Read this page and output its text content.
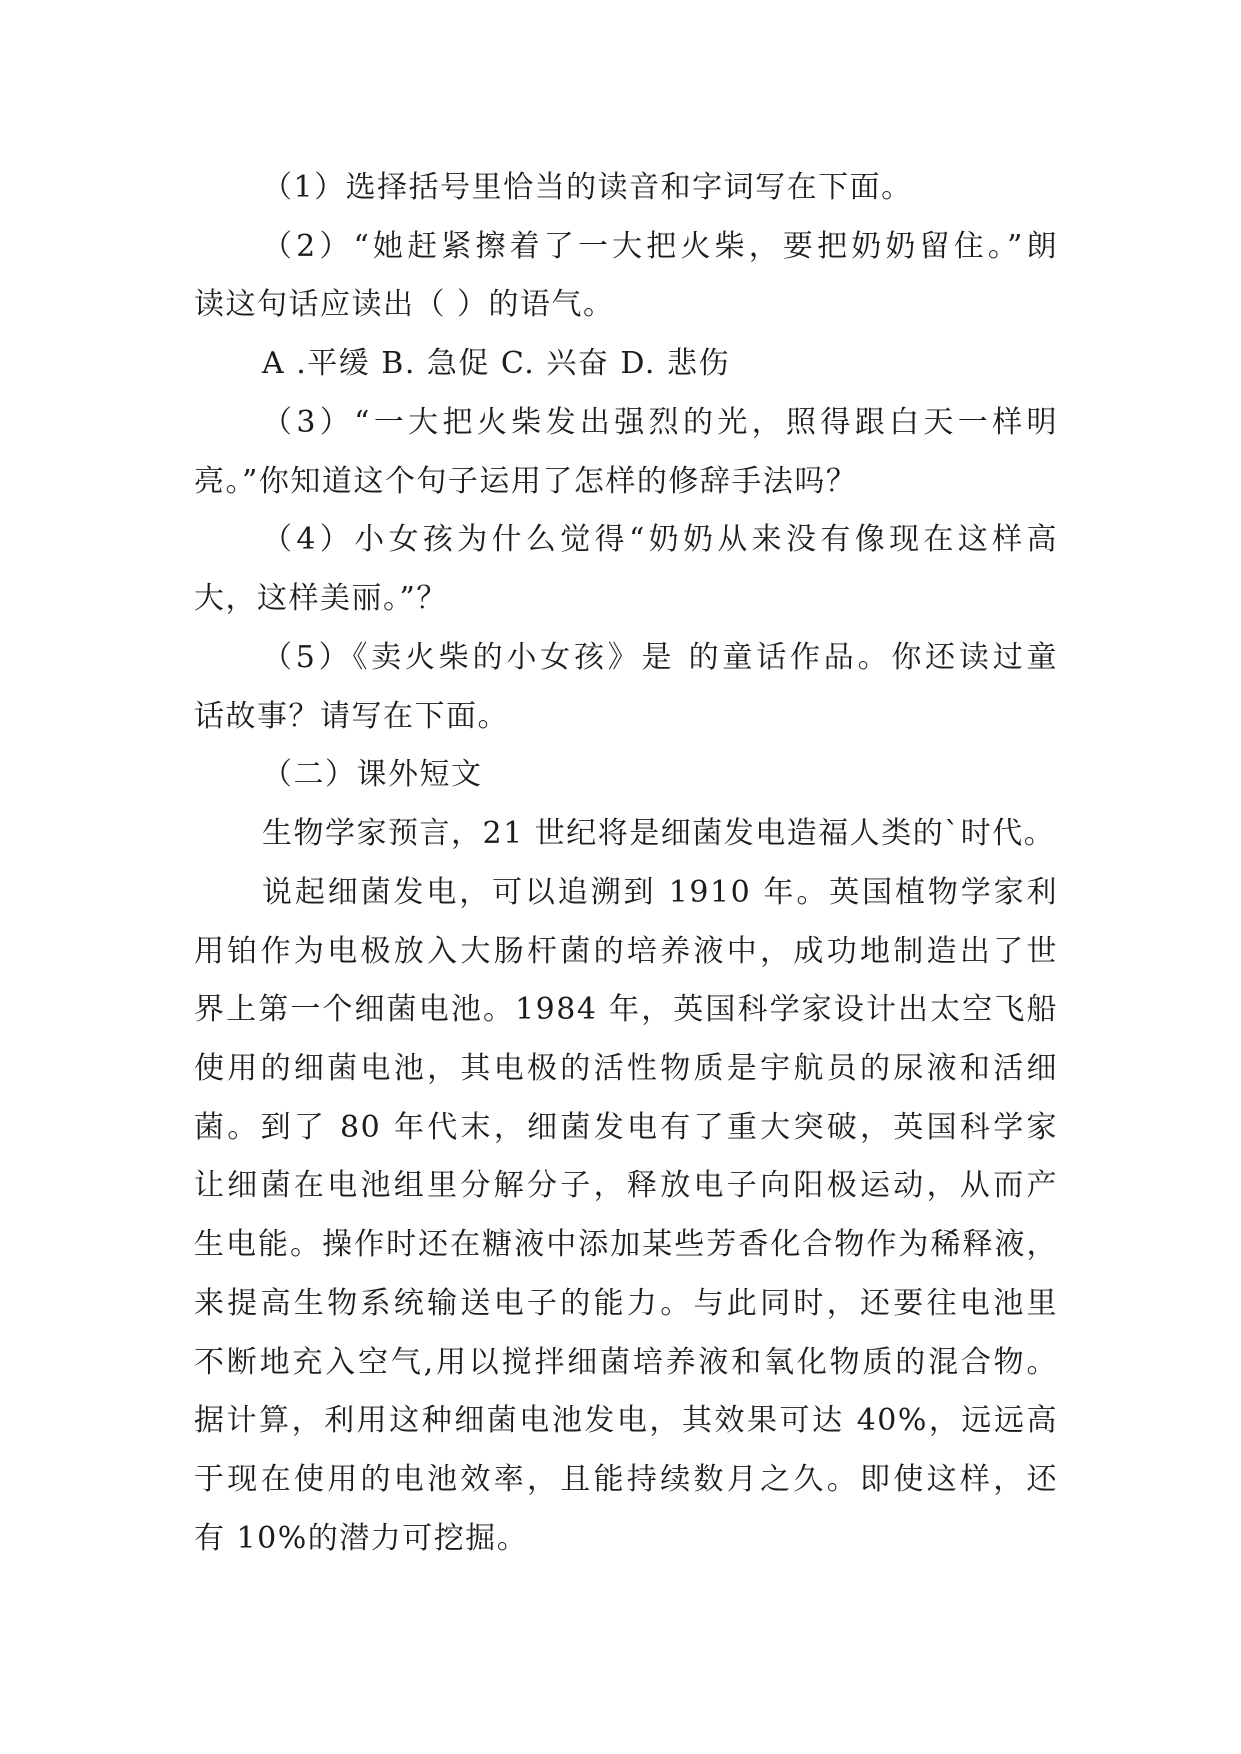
（1）选择括号里恰当的读音和字词写在下面。
（2）“她赶紧擦着了一大把火柴，要把奶奶留住。”朗
读这句话应读出（ ）的语气。
A .平缓 B. 急促 C. 兴奋 D. 悲伤
（3）“一大把火柴发出强烈的光，照得跟白天一样明
亮。”你知道这个句子运用了怎样的修辞手法吗？
（4）小女孩为什么觉得“奶奶从来没有像现在这样高
大，这样美丽。”？
（5）《卖火柴的小女孩》是 的童话作品。你还读过童
话故事？请写在下面。
（二）课外短文
生物学家预言，21 世纪将是细菌发电造福人类的`时代。
说起细菌发电，可以追溯到 1910 年。英国植物学家利
用铂作为电极放入大肠杆菌的培养液中，成功地制造出了世
界上第一个细菌电池。1984 年，英国科学家设计出太空飞船
使用的细菌电池，其电极的活性物质是宇航员的尿液和活细
菌。到了 80 年代末，细菌发电有了重大突破，英国科学家
让细菌在电池组里分解分子，释放电子向阳极运动，从而产
生电能。操作时还在糖液中添加某些芳香化合物作为稀释液，
来提高生物系统输送电子的能力。与此同时，还要往电池里
不断地充入空气,用以搅拌细菌培养液和氧化物质的混合物。
据计算，利用这种细菌电池发电，其效果可达 40%，远远高
于现在使用的电池效率，且能持续数月之久。即使这样，还
有 10%的潜力可挖掘。
